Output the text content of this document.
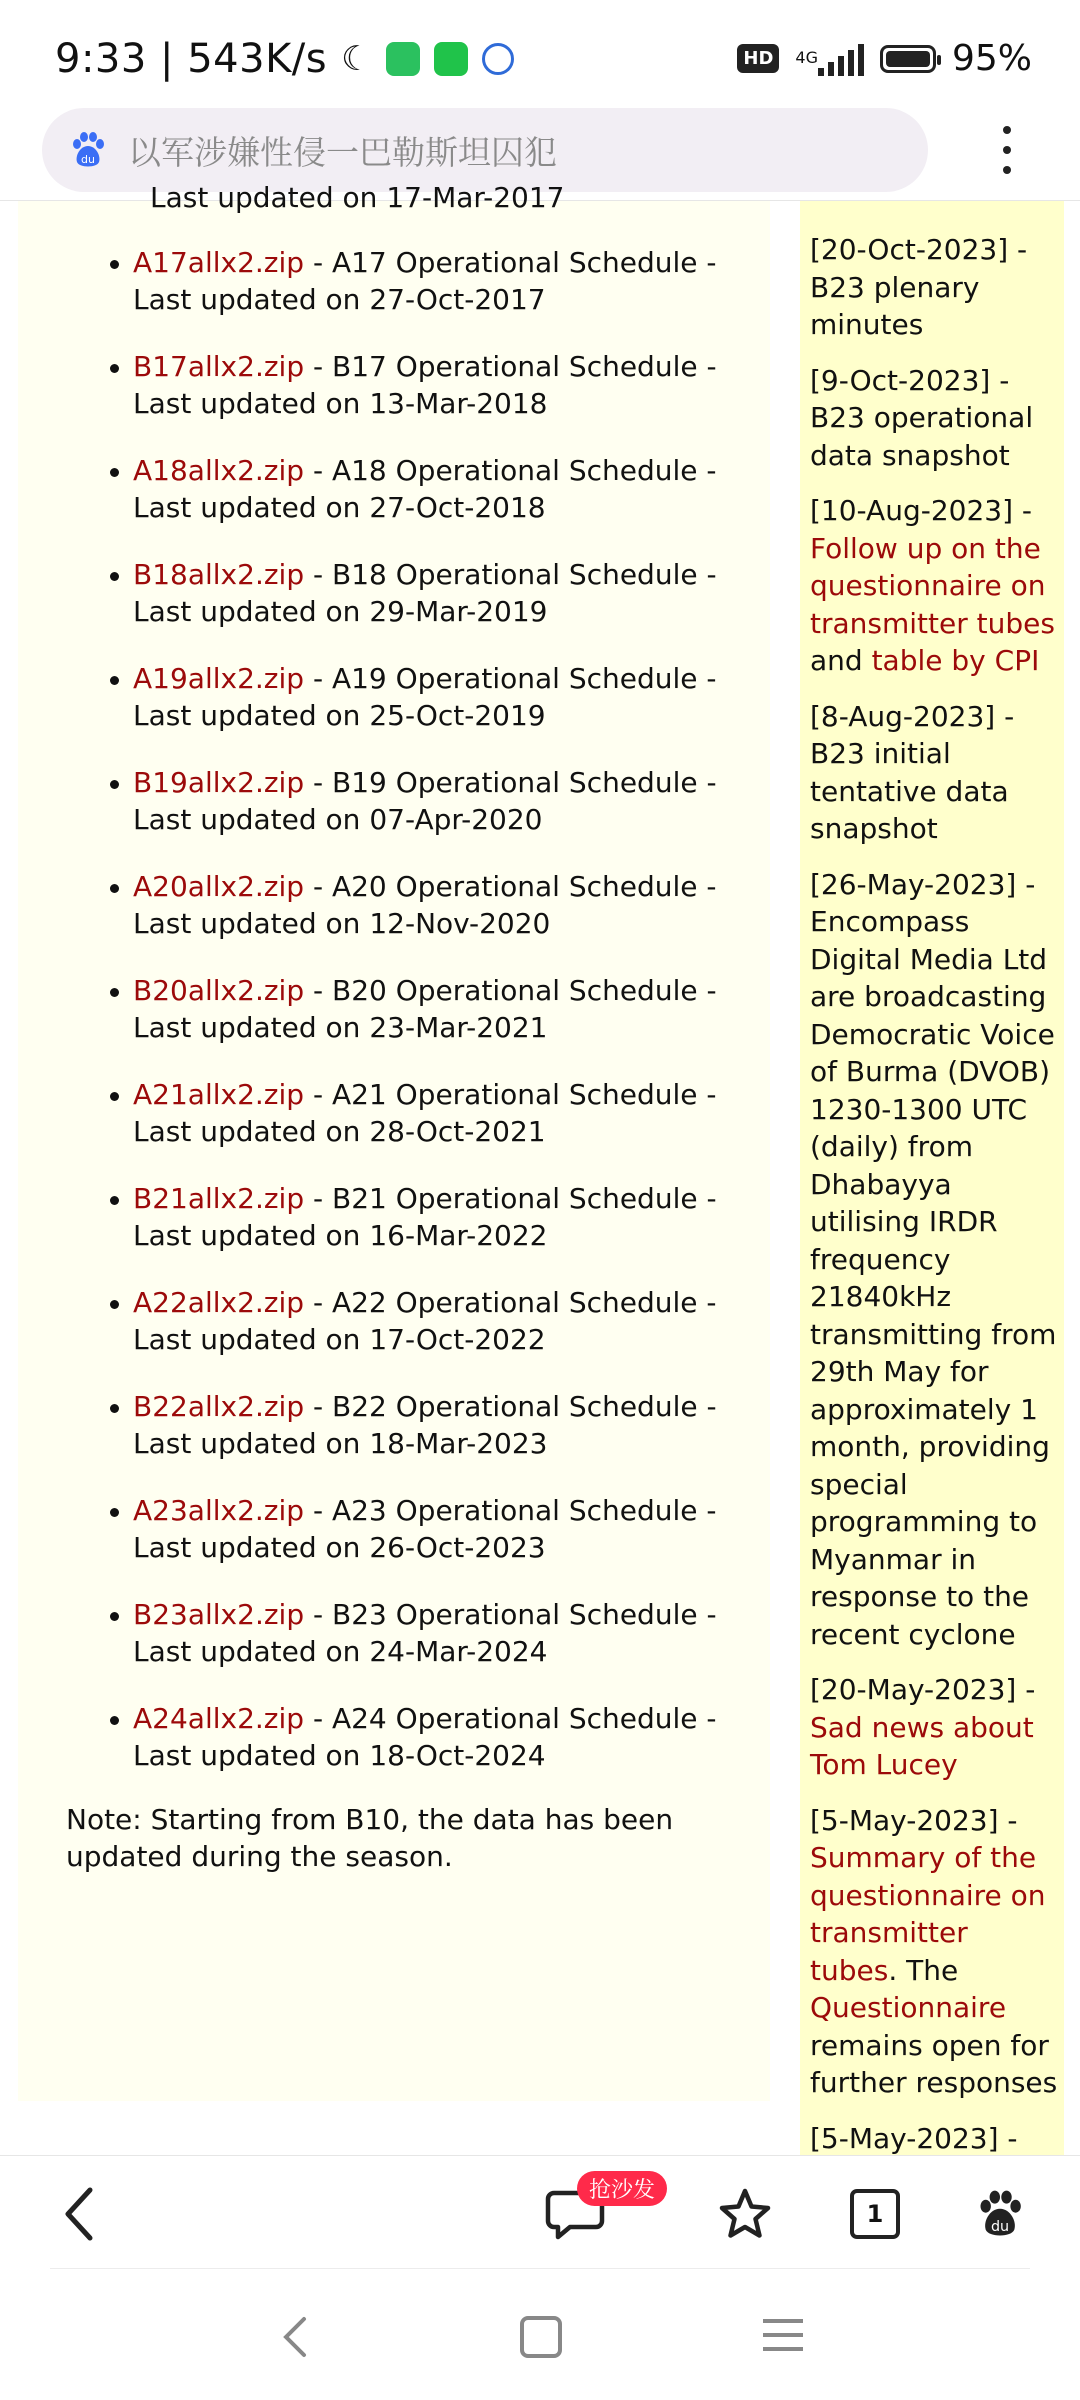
9:33 | 543K/s ☾	HD	4G	95%
du 以军涉嫌性侵一巴勒斯坦囚犯
Last updated on 17-Mar-2017
A17allx2.zip - A17 Operational Schedule - Last updated on 27-Oct-2017
B17allx2.zip - B17 Operational Schedule - Last updated on 13-Mar-2018
A18allx2.zip - A18 Operational Schedule - Last updated on 27-Oct-2018
B18allx2.zip - B18 Operational Schedule - Last updated on 29-Mar-2019
A19allx2.zip - A19 Operational Schedule - Last updated on 25-Oct-2019
B19allx2.zip - B19 Operational Schedule - Last updated on 07-Apr-2020
A20allx2.zip - A20 Operational Schedule - Last updated on 12-Nov-2020
B20allx2.zip - B20 Operational Schedule - Last updated on 23-Mar-2021
A21allx2.zip - A21 Operational Schedule - Last updated on 28-Oct-2021
B21allx2.zip - B21 Operational Schedule - Last updated on 16-Mar-2022
A22allx2.zip - A22 Operational Schedule - Last updated on 17-Oct-2022
B22allx2.zip - B22 Operational Schedule - Last updated on 18-Mar-2023
A23allx2.zip - A23 Operational Schedule - Last updated on 26-Oct-2023
B23allx2.zip - B23 Operational Schedule - Last updated on 24-Mar-2024
A24allx2.zip - A24 Operational Schedule - Last updated on 18-Oct-2024
Note: Starting from B10, the data has been updated during the season.
[20-Oct-2023] - B23 plenary minutes
[9-Oct-2023] - B23 operational data snapshot
[10-Aug-2023] - Follow up on the questionnaire on transmitter tubes and table by CPI
[8-Aug-2023] - B23 initial tentative data snapshot
[26-May-2023] - Encompass Digital Media Ltd are broadcasting Democratic Voice of Burma (DVOB) 1230-1300 UTC (daily) from Dhabayya utilising IRDR frequency 21840kHz transmitting from 29th May for approximately 1 month, providing special programming to Myanmar in response to the recent cyclone
[20-May-2023] - Sad news about Tom Lucey
[5-May-2023] - Summary of the questionnaire on transmitter tubes. The Questionnaire remains open for further responses
[5-May-2023] -
抢沙发
1	du
